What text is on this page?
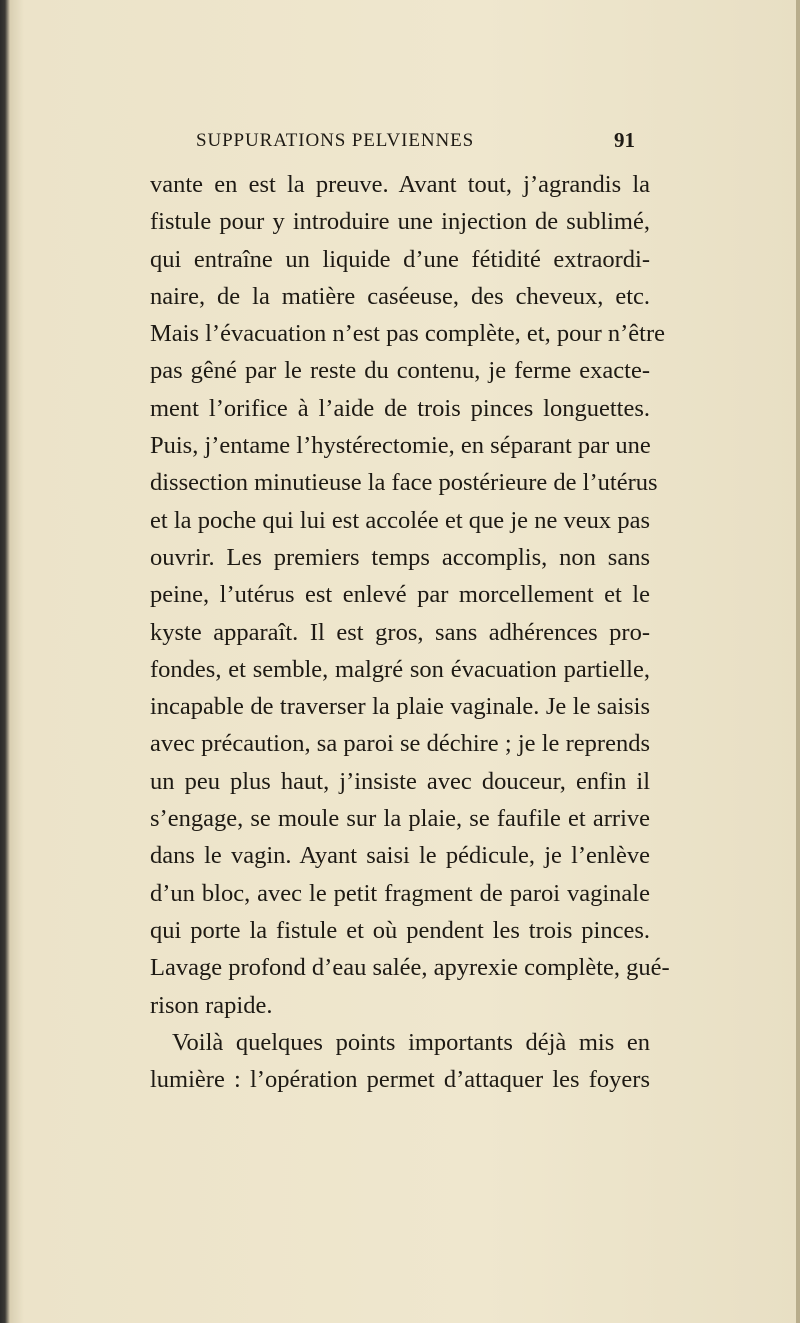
SUPPURATIONS PELVIENNES	91
vante en est la preuve. Avant tout, j’agrandis la
fistule pour y introduire une injection de sublimé,
qui entraîne un liquide d’une fétidité extraordi-
naire, de la matière caséeuse, des cheveux, etc.
Mais l’évacuation n’est pas complète, et, pour n’être
pas gêné par le reste du contenu, je ferme exacte-
ment l’orifice à l’aide de trois pinces longuettes.
Puis, j’entame l’hystérectomie, en séparant par une
dissection minutieuse la face postérieure de l’utérus
et la poche qui lui est accolée et que je ne veux pas
ouvrir. Les premiers temps accomplis, non sans
peine, l’utérus est enlevé par morcellement et le
kyste apparaît. Il est gros, sans adhérences pro-
fondes, et semble, malgré son évacuation partielle,
incapable de traverser la plaie vaginale. Je le saisis
avec précaution, sa paroi se déchire ; je le reprends
un peu plus haut, j’insiste avec douceur, enfin il
s’engage, se moule sur la plaie, se faufile et arrive
dans le vagin. Ayant saisi le pédicule, je l’enlève
d’un bloc, avec le petit fragment de paroi vaginale
qui porte la fistule et où pendent les trois pinces.
Lavage profond d’eau salée, apyrexie complète, gué-
rison rapide.
Voilà quelques points importants déjà mis en
lumière : l’opération permet d’attaquer les foyers
